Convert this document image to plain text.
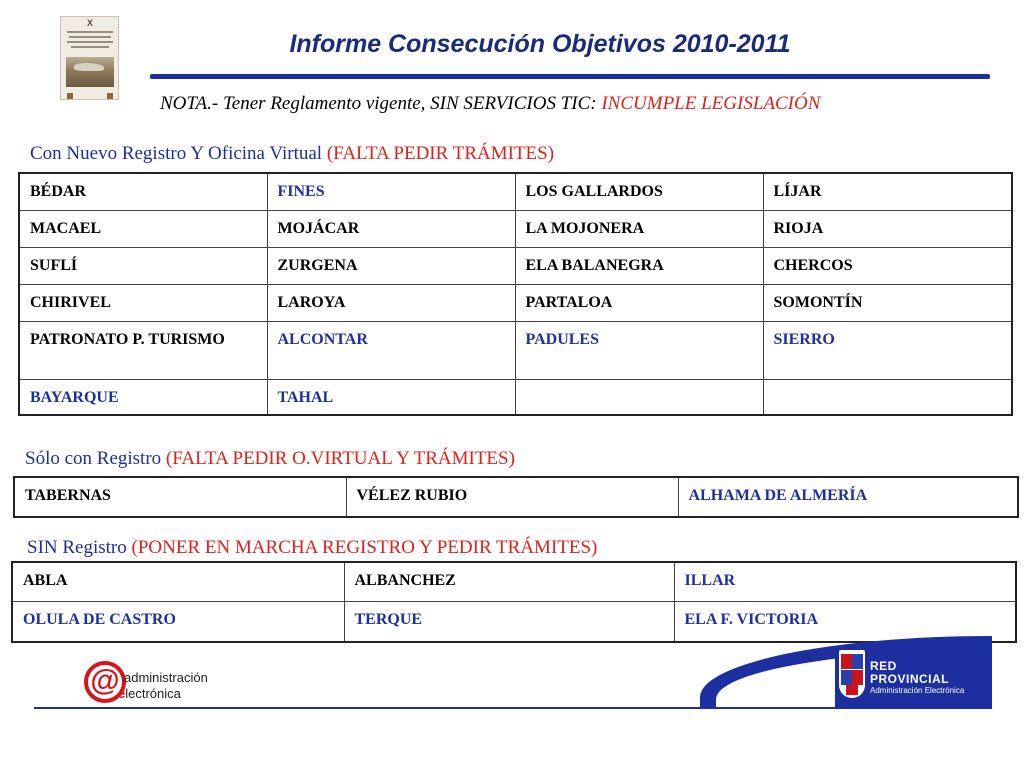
X
Informe Consecución Objetivos 2010-2011
NOTA.- Tener Reglamento vigente, SIN SERVICIOS TIC: INCUMPLE LEGISLACIÓN
Con Nuevo Registro Y Oficina Virtual (FALTA PEDIR TRÁMITES)
BÉDAR	FINES	LOS GALLARDOS	LÍJAR
MACAEL	MOJÁCAR	LA MOJONERA	RIOJA
SUFLÍ	ZURGENA	ELA BALANEGRA	CHERCOS
CHIRIVEL	LAROYA	PARTALOA	SOMONTÍN
PATRONATO P. TURISMO	ALCONTAR	PADULES	SIERRO
BAYARQUE	TAHAL		
Sólo con Registro (FALTA PEDIR O.VIRTUAL Y TRÁMITES)
TABERNAS	VÉLEZ RUBIO	ALHAMA DE ALMERÍA
SIN Registro (PONER EN MARCHA REGISTRO Y PEDIR TRÁMITES)
ABLA	ALBANCHEZ	ILLAR
OLULA DE CASTRO	TERQUE	ELA F. VICTORIA
@ administración
electrónica
RED
PROVINCIAL
Administración Electrónica
